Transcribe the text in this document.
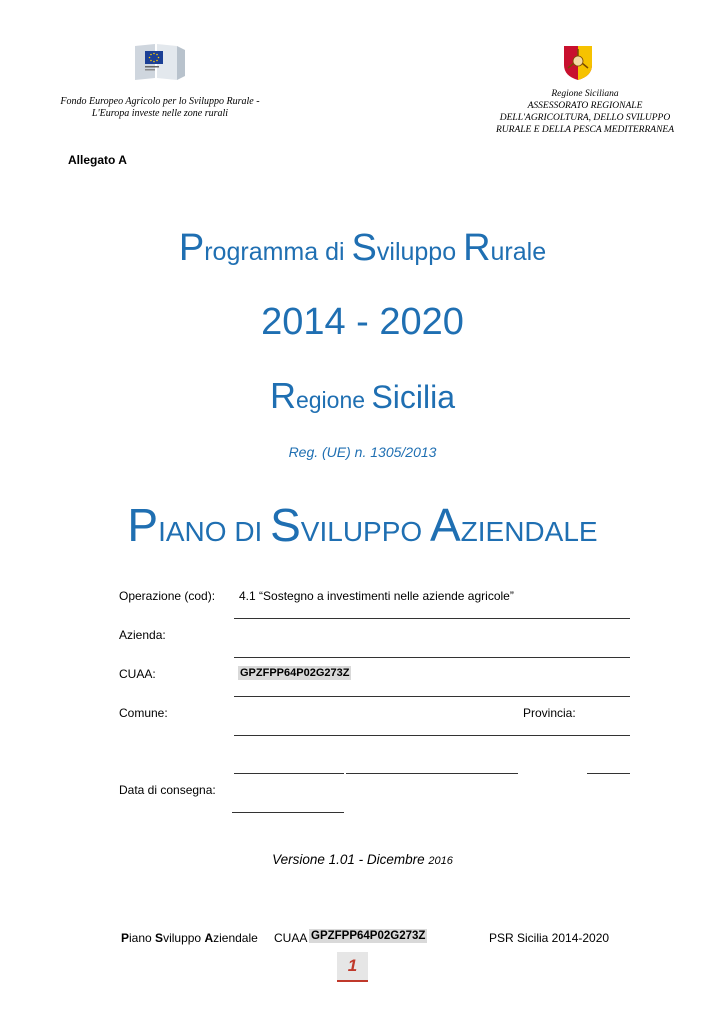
Fondo Europeo Agricolo per lo Sviluppo Rurale -
L'Europa investe nelle zone rurali
Regione Siciliana
ASSESSORATO REGIONALE
DELL'AGRICOLTURA, DELLO SVILUPPO
RURALE E DELLA PESCA MEDITERRANEA
Allegato A
Programma di Sviluppo Rurale
2014 - 2020
Regione Sicilia
Reg. (UE) n. 1305/2013
PIANO DI SVILUPPO AZIENDALE
Operazione (cod): 4.1 “Sostegno a investimenti nelle aziende agricole”
Azienda:
CUAA:	GPZFPP64P02G273Z
Comune:	Provincia:
Data di consegna:
Versione 1.01 - Dicembre 2016
Piano Sviluppo Aziendale CUAA GPZFPP64P02G273Z	PSR Sicilia 2014-2020
1
